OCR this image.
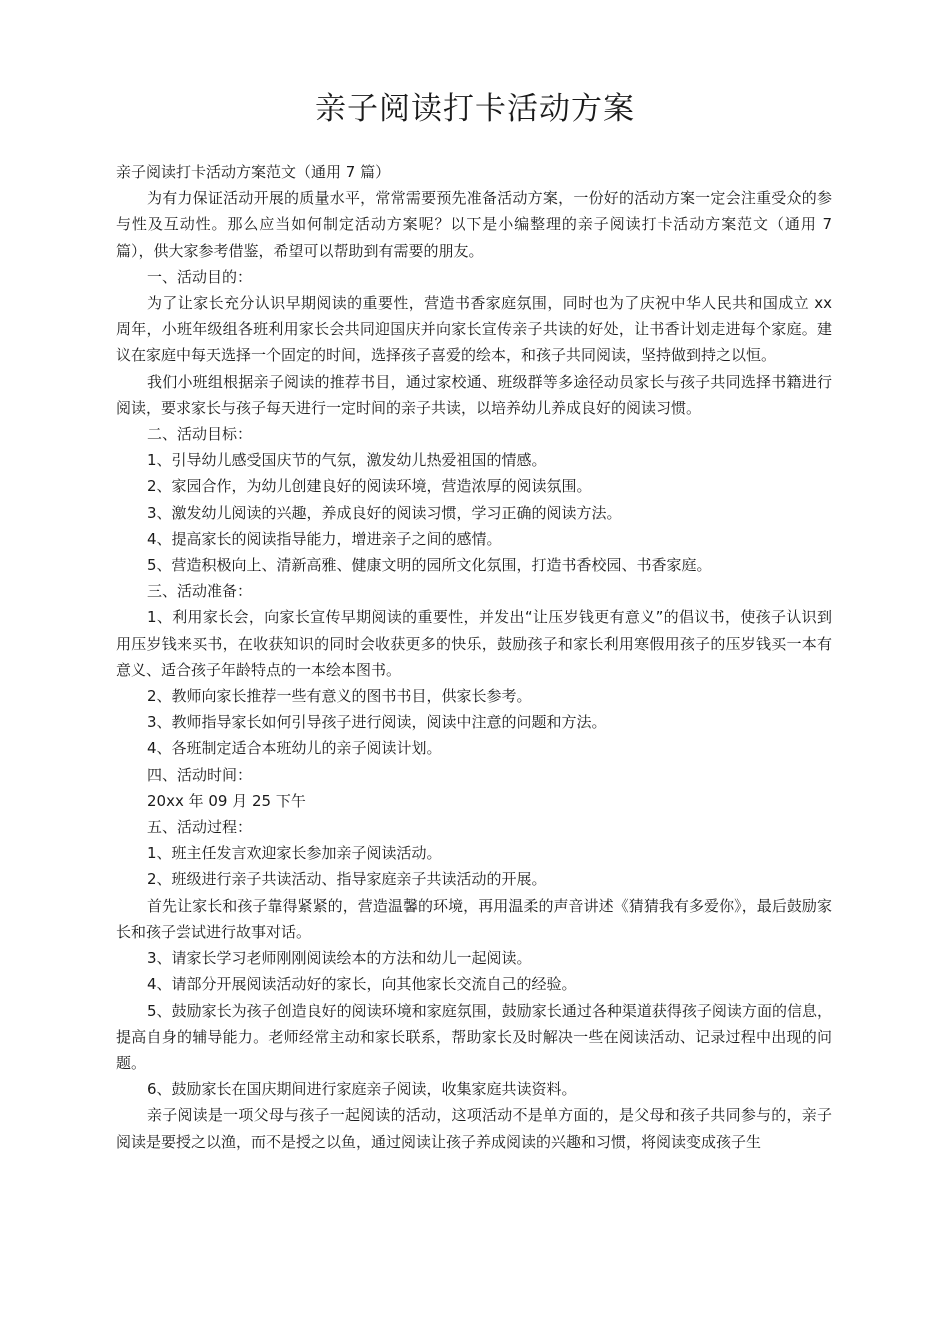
亲子阅读打卡活动方案

亲子阅读打卡活动方案范文（通用 7 篇）

为有力保证活动开展的质量水平，常常需要预先准备活动方案，一份好的活动方案一定会注重受众的参与性及互动性。那么应当如何制定活动方案呢？以下是小编整理的亲子阅读打卡活动方案范文（通用 7 篇），供大家参考借鉴，希望可以帮助到有需要的朋友。

一、活动目的：

为了让家长充分认识早期阅读的重要性，营造书香家庭氛围，同时也为了庆祝中华人民共和国成立 xx 周年，小班年级组各班利用家长会共同迎国庆并向家长宣传亲子共读的好处，让书香计划走进每个家庭。建议在家庭中每天选择一个固定的时间，选择孩子喜爱的绘本，和孩子共同阅读，坚持做到持之以恒。

我们小班组根据亲子阅读的推荐书目，通过家校通、班级群等多途径动员家长与孩子共同选择书籍进行阅读，要求家长与孩子每天进行一定时间的亲子共读，以培养幼儿养成良好的阅读习惯。

二、活动目标：

1、引导幼儿感受国庆节的气氛，激发幼儿热爱祖国的情感。

2、家园合作，为幼儿创建良好的阅读环境，营造浓厚的阅读氛围。

3、激发幼儿阅读的兴趣，养成良好的阅读习惯，学习正确的阅读方法。

4、提高家长的阅读指导能力，增进亲子之间的感情。

5、营造积极向上、清新高雅、健康文明的园所文化氛围，打造书香校园、书香家庭。

三、活动准备：

1、利用家长会，向家长宣传早期阅读的重要性，并发出“让压岁钱更有意义”的倡议书，使孩子认识到用压岁钱来买书，在收获知识的同时会收获更多的快乐，鼓励孩子和家长利用寒假用孩子的压岁钱买一本有意义、适合孩子年龄特点的一本绘本图书。

2、教师向家长推荐一些有意义的图书书目，供家长参考。

3、教师指导家长如何引导孩子进行阅读，阅读中注意的问题和方法。

4、各班制定适合本班幼儿的亲子阅读计划。

四、活动时间：

20xx 年 09 月 25 下午

五、活动过程：

1、班主任发言欢迎家长参加亲子阅读活动。

2、班级进行亲子共读活动、指导家庭亲子共读活动的开展。

首先让家长和孩子靠得紧紧的，营造温馨的环境，再用温柔的声音讲述《猜猜我有多爱你》，最后鼓励家长和孩子尝试进行故事对话。

3、请家长学习老师刚刚阅读绘本的方法和幼儿一起阅读。

4、请部分开展阅读活动好的家长，向其他家长交流自己的经验。

5、鼓励家长为孩子创造良好的阅读环境和家庭氛围，鼓励家长通过各种渠道获得孩子阅读方面的信息，提高自身的辅导能力。老师经常主动和家长联系，帮助家长及时解决一些在阅读活动、记录过程中出现的问题。

6、鼓励家长在国庆期间进行家庭亲子阅读，收集家庭共读资料。

亲子阅读是一项父母与孩子一起阅读的活动，这项活动不是单方面的，是父母和孩子共同参与的，亲子阅读是要授之以渔，而不是授之以鱼，通过阅读让孩子养成阅读的兴趣和习惯，将阅读变成孩子生
